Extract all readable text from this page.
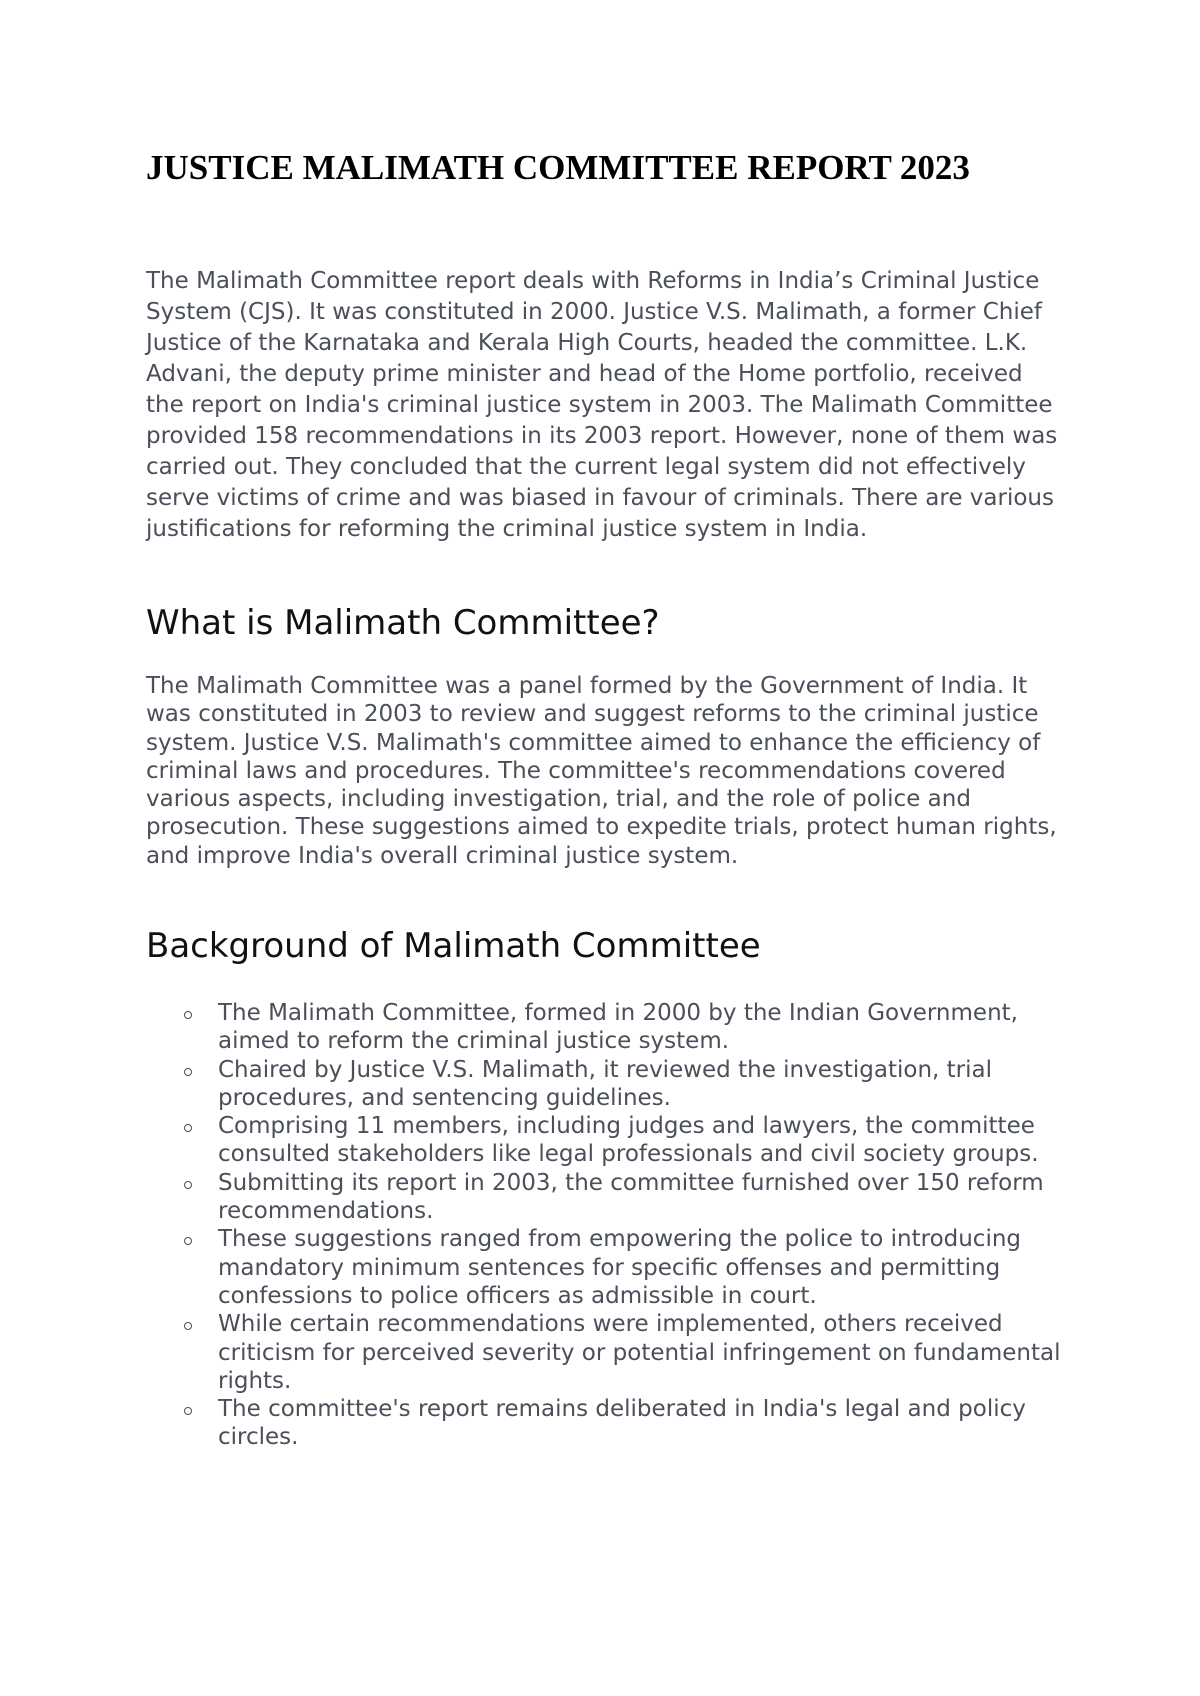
JUSTICE MALIMATH COMMITTEE REPORT 2023

The Malimath Committee report deals with Reforms in India’s Criminal Justice System (CJS). It was constituted in 2000. Justice V.S. Malimath, a former Chief Justice of the Karnataka and Kerala High Courts, headed the committee. L.K. Advani, the deputy prime minister and head of the Home portfolio, received the report on India's criminal justice system in 2003. The Malimath Committee provided 158 recommendations in its 2003 report. However, none of them was carried out. They concluded that the current legal system did not effectively serve victims of crime and was biased in favour of criminals. There are various justifications for reforming the criminal justice system in India.

What is Malimath Committee?

The Malimath Committee was a panel formed by the Government of India. It was constituted in 2003 to review and suggest reforms to the criminal justice system. Justice V.S. Malimath's committee aimed to enhance the efficiency of criminal laws and procedures. The committee's recommendations covered various aspects, including investigation, trial, and the role of police and prosecution. These suggestions aimed to expedite trials, protect human rights, and improve India's overall criminal justice system.

Background of Malimath Committee
The Malimath Committee, formed in 2000 by the Indian Government, aimed to reform the criminal justice system.
Chaired by Justice V.S. Malimath, it reviewed the investigation, trial procedures, and sentencing guidelines.
Comprising 11 members, including judges and lawyers, the committee consulted stakeholders like legal professionals and civil society groups.
Submitting its report in 2003, the committee furnished over 150 reform recommendations.
These suggestions ranged from empowering the police to introducing mandatory minimum sentences for specific offenses and permitting confessions to police officers as admissible in court.
While certain recommendations were implemented, others received criticism for perceived severity or potential infringement on fundamental rights.
The committee's report remains deliberated in India's legal and policy circles.
